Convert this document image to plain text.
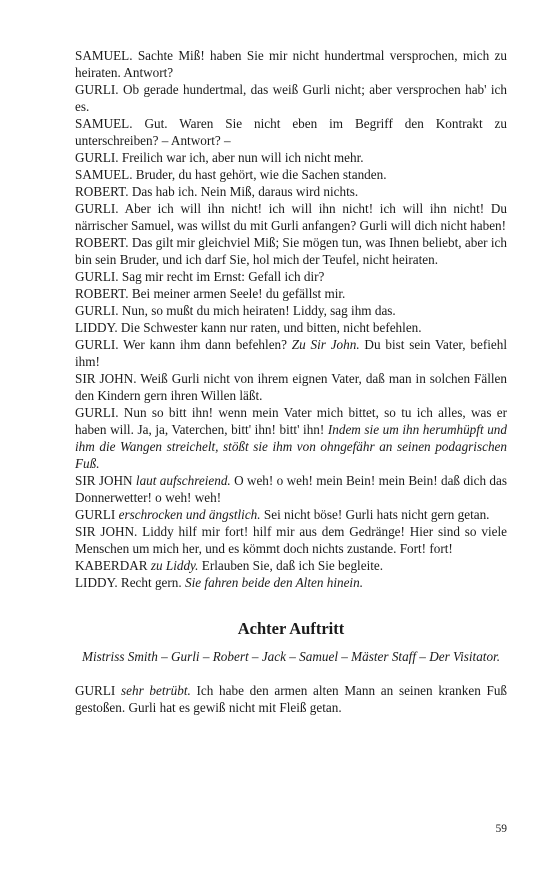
SAMUEL. Sachte Miß! haben Sie mir nicht hundertmal versprochen, mich zu heiraten. Antwort?

GURLI. Ob gerade hundertmal, das weiß Gurli nicht; aber versprochen hab' ich es.

SAMUEL. Gut. Waren Sie nicht eben im Begriff den Kontrakt zu unterschreiben? – Antwort? –

GURLI. Freilich war ich, aber nun will ich nicht mehr.

SAMUEL. Bruder, du hast gehört, wie die Sachen standen.

ROBERT. Das hab ich. Nein Miß, daraus wird nichts.

GURLI. Aber ich will ihn nicht! ich will ihn nicht! ich will ihn nicht! Du närrischer Samuel, was willst du mit Gurli anfangen? Gurli will dich nicht haben!

ROBERT. Das gilt mir gleichviel Miß; Sie mögen tun, was Ihnen beliebt, aber ich bin sein Bruder, und ich darf Sie, hol mich der Teufel, nicht heiraten.

GURLI. Sag mir recht im Ernst: Gefall ich dir?

ROBERT. Bei meiner armen Seele! du gefällst mir.

GURLI. Nun, so mußt du mich heiraten! Liddy, sag ihm das.

LIDDY. Die Schwester kann nur raten, und bitten, nicht befehlen.

GURLI. Wer kann ihm dann befehlen? Zu Sir John. Du bist sein Vater, befiehl ihm!

SIR JOHN. Weiß Gurli nicht von ihrem eignen Vater, daß man in solchen Fällen den Kindern gern ihren Willen läßt.

GURLI. Nun so bitt ihn! wenn mein Vater mich bittet, so tu ich alles, was er haben will. Ja, ja, Vaterchen, bitt' ihn! bitt' ihn! Indem sie um ihn herumhüpft und ihm die Wangen streichelt, stößt sie ihm von ohngefähr an seinen podagrischen Fuß.

SIR JOHN laut aufschreiend. O weh! o weh! mein Bein! mein Bein! daß dich das Donnerwetter! o weh! weh!

GURLI erschrocken und ängstlich. Sei nicht böse! Gurli hats nicht gern getan.

SIR JOHN. Liddy hilf mir fort! hilf mir aus dem Gedränge! Hier sind so viele Menschen um mich her, und es kömmt doch nichts zustande. Fort! fort!

KABERDAR zu Liddy. Erlauben Sie, daß ich Sie begleite.

LIDDY. Recht gern. Sie fahren beide den Alten hinein.

Achter Auftritt
Mistriss Smith – Gurli – Robert – Jack – Samuel – Mäster Staff – Der Visitator.

GURLI sehr betrübt. Ich habe den armen alten Mann an seinen kranken Fuß gestoßen. Gurli hat es gewiß nicht mit Fleiß getan.

59
